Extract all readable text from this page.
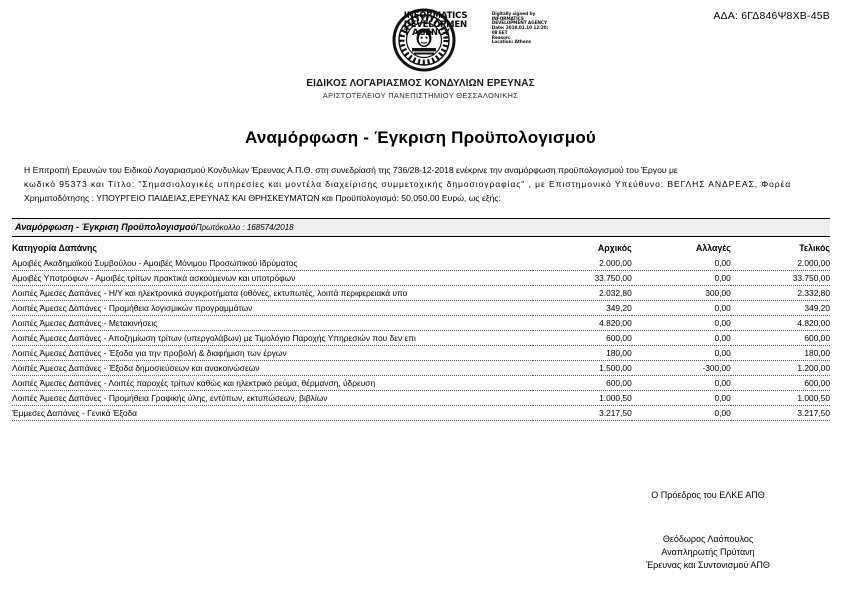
ΑΔΑ: 6ΓΔ846Ψ8ΧΒ-45Β
INFORMATICS
DEVELOPMEN
T AGENCY
Digitally signed by
INFORMATICS
DEVELOPMENT AGENCY
Date: 2019.01.10 12:20:
08 EET
Reason:
Location: Athens
ΕΙΔΙΚΟΣ ΛΟΓΑΡΙΑΣΜΟΣ ΚΟΝΔΥΛΙΩΝ ΕΡΕΥΝΑΣ
ΑΡΙΣΤΟΤΕΛΕΙΟΥ ΠΑΝΕΠΙΣΤΗΜΙΟΥ ΘΕΣΣΑΛΟΝΙΚΗΣ
Αναμόρφωση - Έγκριση Προϋπολογισμού
Η Επιτροπή Ερευνών του Ειδικού Λογαριασμού Κονδυλίων Έρευνας Α.Π.Θ. στη συνεδρίασή της 736/28-12-2018 ενέκρινε την αναμόρφωση προϋπολογισμού του Έργου με
κωδικό 95373 και Τίτλο: "Σημασιολογικές υπηρεσίες και μοντέλα διαχείρισης συμμετοχικής δημοσιογραφίας" , με Επιστημονικό Υπεύθυνο: ΒΕΓΛΗΣ ΑΝΔΡΕΑΣ, Φορέα
Χρηματοδότησης : ΥΠΟΥΡΓΕΙΟ ΠΑΙΔΕΙΑΣ,ΕΡΕΥΝΑΣ ΚΑΙ ΘΡΗΣΚΕΥΜΑΤΩΝ και Προϋπολογισμό: 50.050,00 Ευρώ, ως εξής:
Αναμόρφωση - Έγκριση ΠροϋπολογισμούΠρωτόκολλο : 168574/2018
Κατηγορία Δαπάνης	Αρχικός	Αλλαγές	Τελικός
Αμοιβές Ακαδημαϊκού Συμβούλου - Αμοιβές Μόνιμου Προσωπικού Ιδρύματος	2.000,00	0,00	2.000,00
Αμοιβές Υποτρόφων - Αμοιβές τρίτων πρακτικά ασκούμενων και υποτρόφων	33.750,00	0,00	33.750,00
Λοιπές Άμεσες Δαπάνες - Η/Υ και ηλεκτρονικά συγκροτήματα (οθόνες, εκτυπωτές, λοιπά περιφερειακά υπο	2.032,80	300,00	2.332,80
Λοιπές Άμεσες Δαπάνες - Προμήθεια λογισμικών προγραμμάτων	349,20	0,00	349,20
Λοιπές Άμεσες Δαπάνες - Μετακινήσεις	4.820,00	0,00	4.820,00
Λοιπές Άμεσες Δαπάνες - Αποζημίωση τρίτων (υπεργολάβων) με Τιμολόγιο Παροχής Υπηρεσιών που δεν επι	600,00	0,00	600,00
Λοιπές Άμεσες Δαπάνες - Έξοδα για την προβολή & διαφήμιση των έργων	180,00	0,00	180,00
Λοιπές Άμεσες Δαπάνες - Έξοδα δημοσιεύσεων και ανακοινώσεων	1.500,00	-300,00	1.200,00
Λοιπές Άμεσες Δαπάνες - Λοιπές παροχές τρίτων καθώς και ηλεκτρικό ρεύμα, θέρμανση, ύδρευση	600,00	0,00	600,00
Λοιπές Άμεσες Δαπάνες - Προμήθεια Γραφικής ύλης, εντύπων, εκτυπώσεων, βιβλίων	1.000,50	0,00	1.000,50
Έμμεσες Δαπάνες - Γενικά Έξοδα	3.217,50	0,00	3.217,50
Ο Πρόεδρος του ΕΛΚΕ ΑΠΘ
Θεόδωρος Λαόπουλος
Αναπληρωτής Πρύτανη
Έρευνας και Συντονισμού ΑΠΘ
